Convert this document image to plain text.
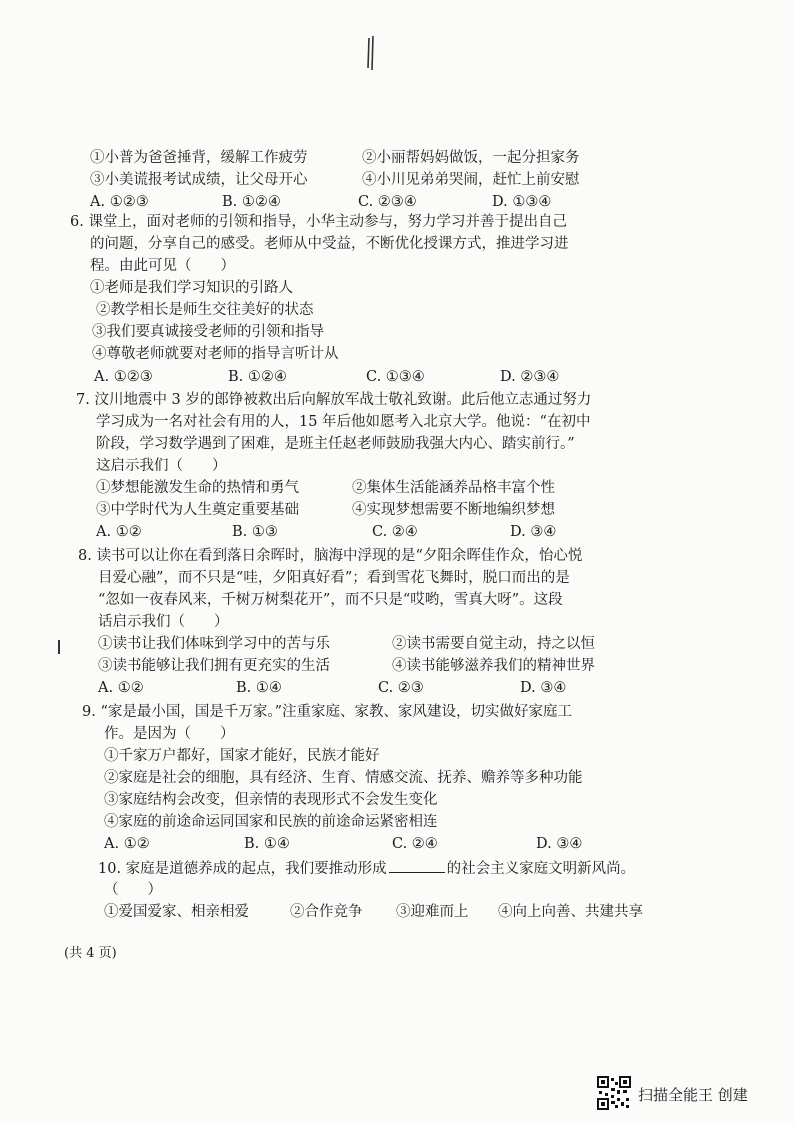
①小普为爸爸捶背，缓解工作疲劳	②小丽帮妈妈做饭，一起分担家务
③小美谎报考试成绩，让父母开心	④小川见弟弟哭闹，赶忙上前安慰
A. ①②③	B. ①②④	C. ②③④	D. ①③④
6. 课堂上，面对老师的引领和指导，小华主动参与，努力学习并善于提出自己
的问题，分享自己的感受。老师从中受益，不断优化授课方式，推进学习进
程。由此可见（　　）
①老师是我们学习知识的引路人
②教学相长是师生交往美好的状态
③我们要真诚接受老师的引领和指导
④尊敬老师就要对老师的指导言听计从
A. ①②③	B. ①②④	C. ①③④	D. ②③④
7. 汶川地震中 3 岁的郎铮被救出后向解放军战士敬礼致谢。此后他立志通过努力
学习成为一名对社会有用的人，15 年后他如愿考入北京大学。他说：“在初中
阶段，学习数学遇到了困难，是班主任赵老师鼓励我强大内心、踏实前行。”
这启示我们（　　）
①梦想能激发生命的热情和勇气	②集体生活能涵养品格丰富个性
③中学时代为人生奠定重要基础	④实现梦想需要不断地编织梦想
A. ①②	B. ①③	C. ②④	D. ③④
8. 读书可以让你在看到落日余晖时，脑海中浮现的是“夕阳余晖佳作众，怡心悦
目爱心融”，而不只是“哇，夕阳真好看”；看到雪花飞舞时，脱口而出的是
“忽如一夜春风来，千树万树梨花开”，而不只是“哎哟，雪真大呀”。这段
话启示我们（　　）
①读书让我们体味到学习中的苦与乐	②读书需要自觉主动，持之以恒
③读书能够让我们拥有更充实的生活	④读书能够滋养我们的精神世界
A. ①②	B. ①④	C. ②③	D. ③④
9. “家是最小国，国是千万家。”注重家庭、家教、家风建设，切实做好家庭工
作。是因为（　　）
①千家万户都好，国家才能好，民族才能好
②家庭是社会的细胞，具有经济、生育、情感交流、抚养、赡养等多种功能
③家庭结构会改变，但亲情的表现形式不会发生变化
④家庭的前途命运同国家和民族的前途命运紧密相连
A. ①②	B. ①④	C. ②④	D. ③④
10. 家庭是道德养成的起点，我们要推动形成	的社会主义家庭文明新风尚。
（　　）
①爱国爱家、相亲相爱	②合作竞争 ③迎难而上 ④向上向善、共建共享
(共 4 页)
扫描全能王 创建
